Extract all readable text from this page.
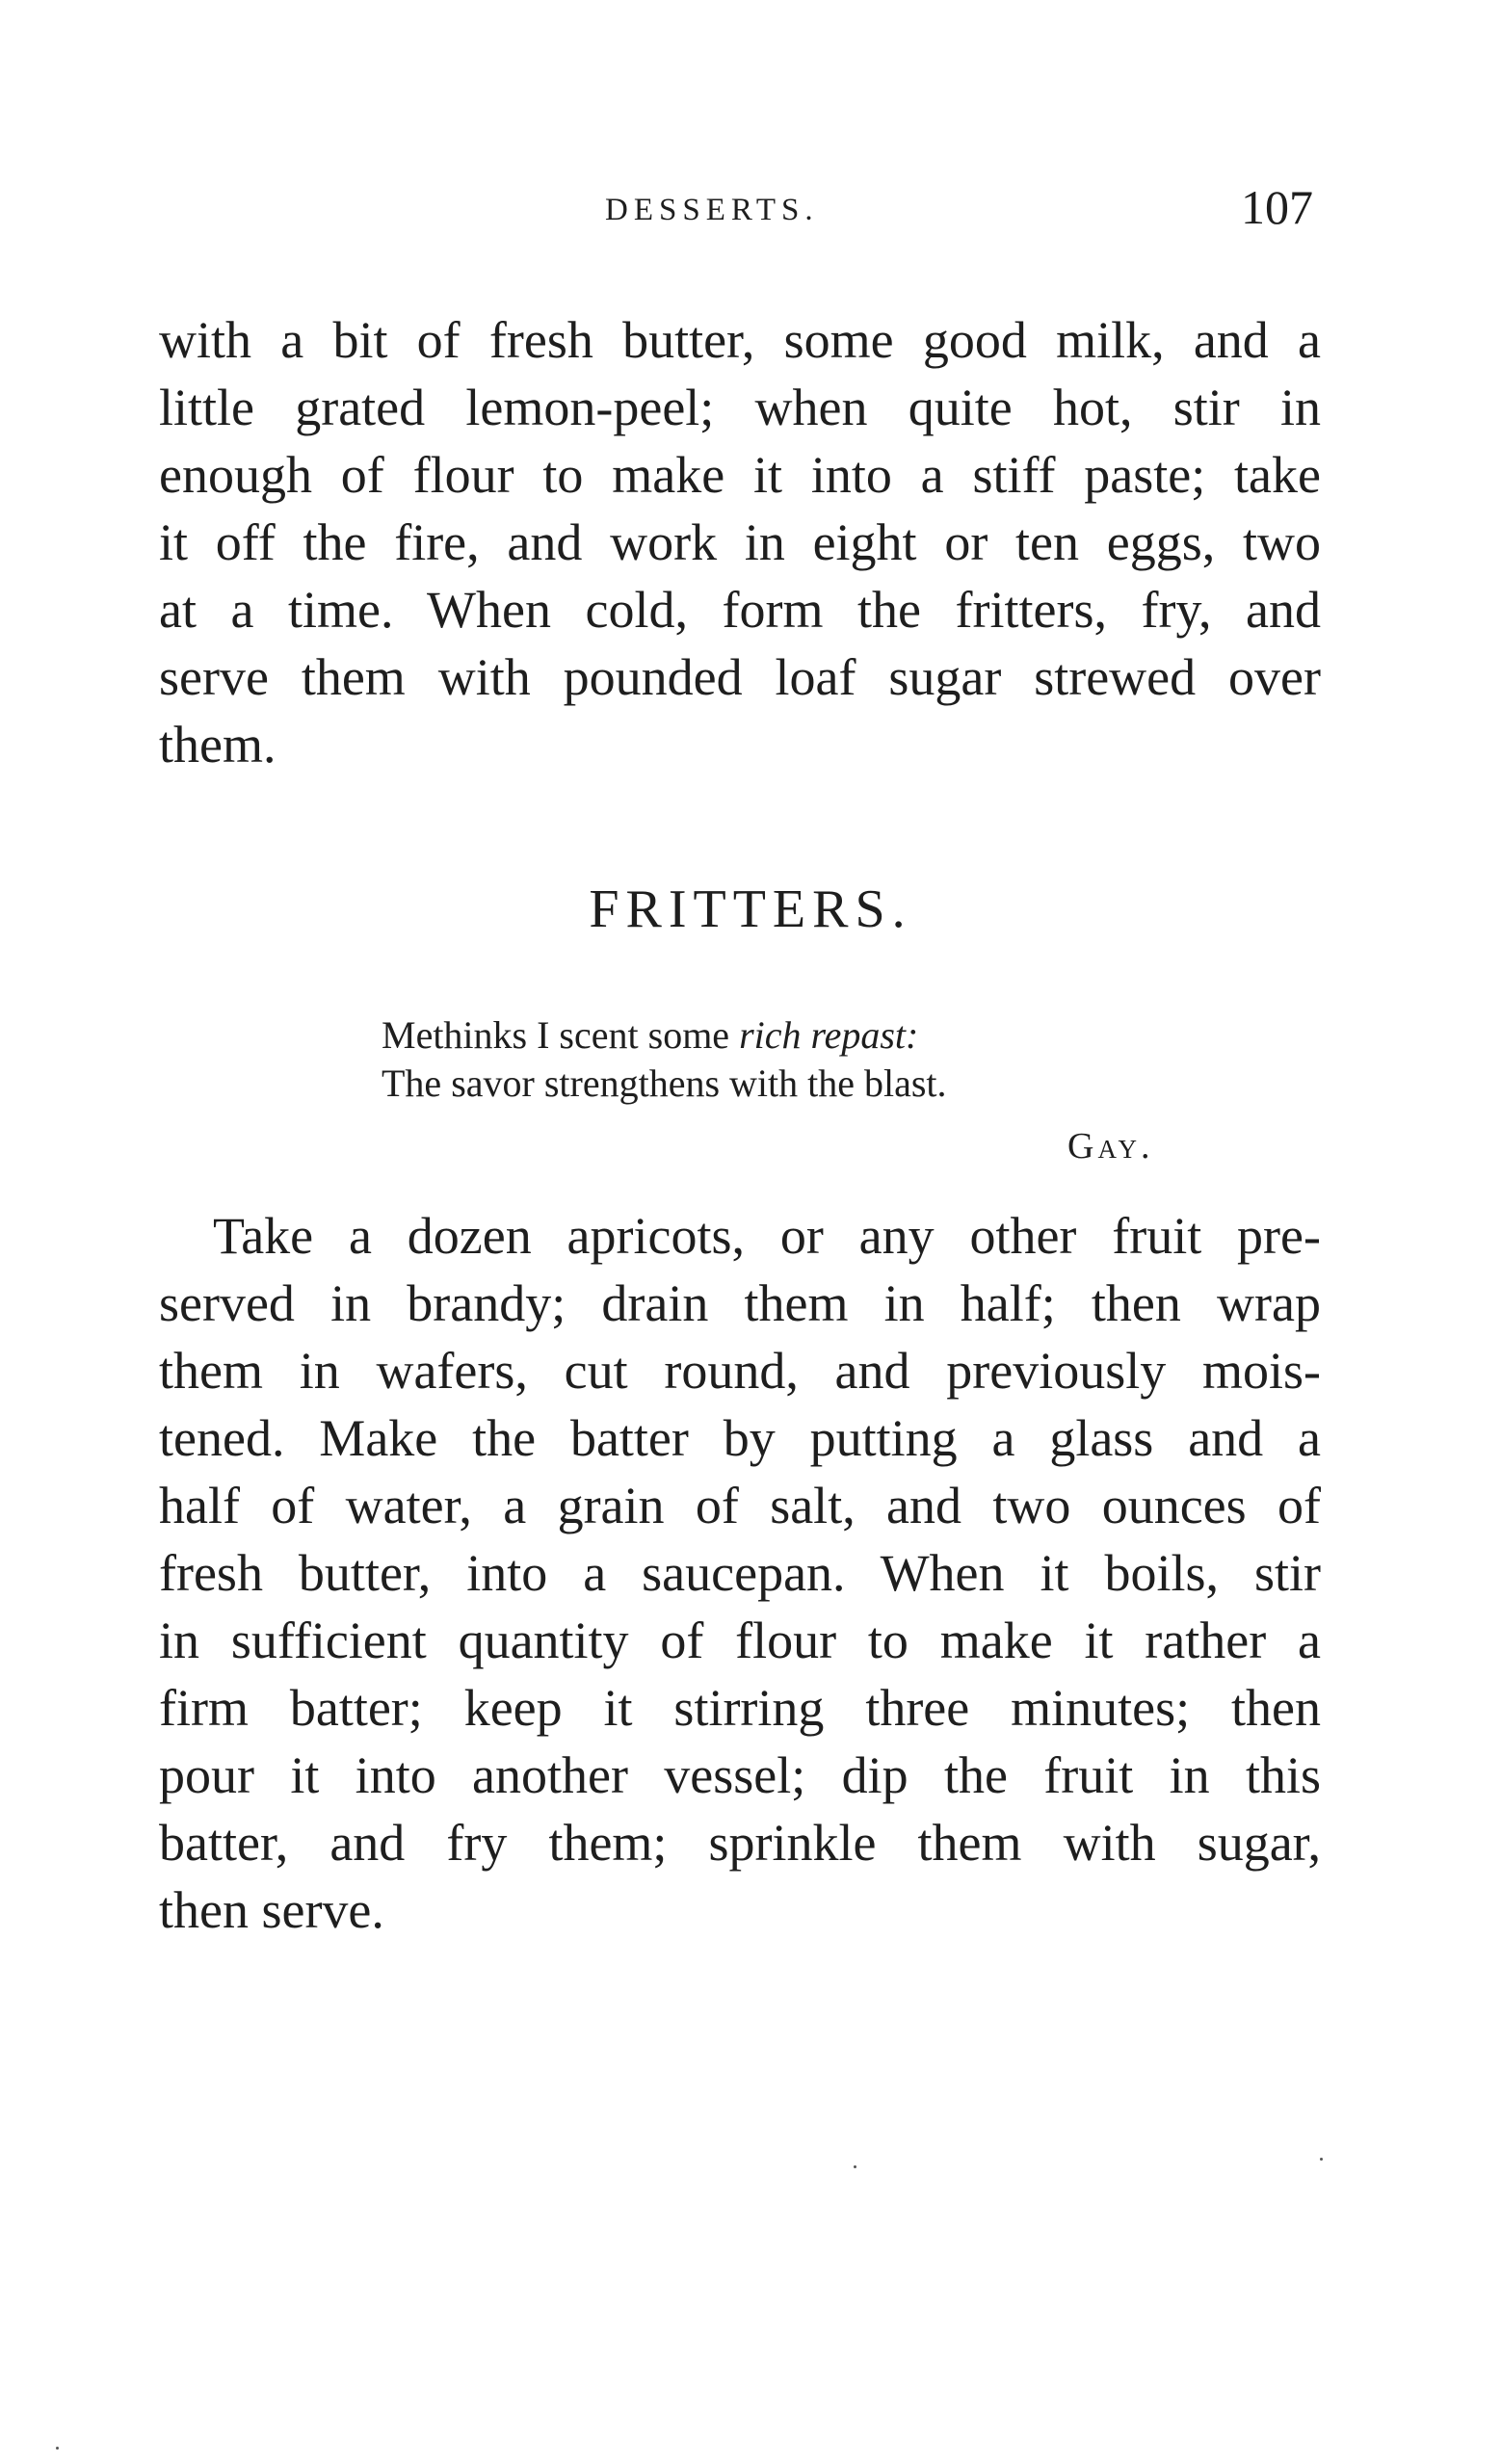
DESSERTS.	107
with a bit of fresh butter, some good milk, and a
little grated lemon-peel; when quite hot, stir in
enough of flour to make it into a stiff paste; take
it off the fire, and work in eight or ten eggs, two
at a time. When cold, form the fritters, fry, and
serve them with pounded loaf sugar strewed over
them.
FRITTERS.
Methinks I scent some rich repast:
The savor strengthens with the blast.
Gay.
Take a dozen apricots, or any other fruit pre-
served in brandy; drain them in half; then wrap
them in wafers, cut round, and previously mois-
tened. Make the batter by putting a glass and a
half of water, a grain of salt, and two ounces of
fresh butter, into a saucepan. When it boils, stir
in sufficient quantity of flour to make it rather a
firm batter; keep it stirring three minutes; then
pour it into another vessel; dip the fruit in this
batter, and fry them; sprinkle them with sugar,
then serve.
